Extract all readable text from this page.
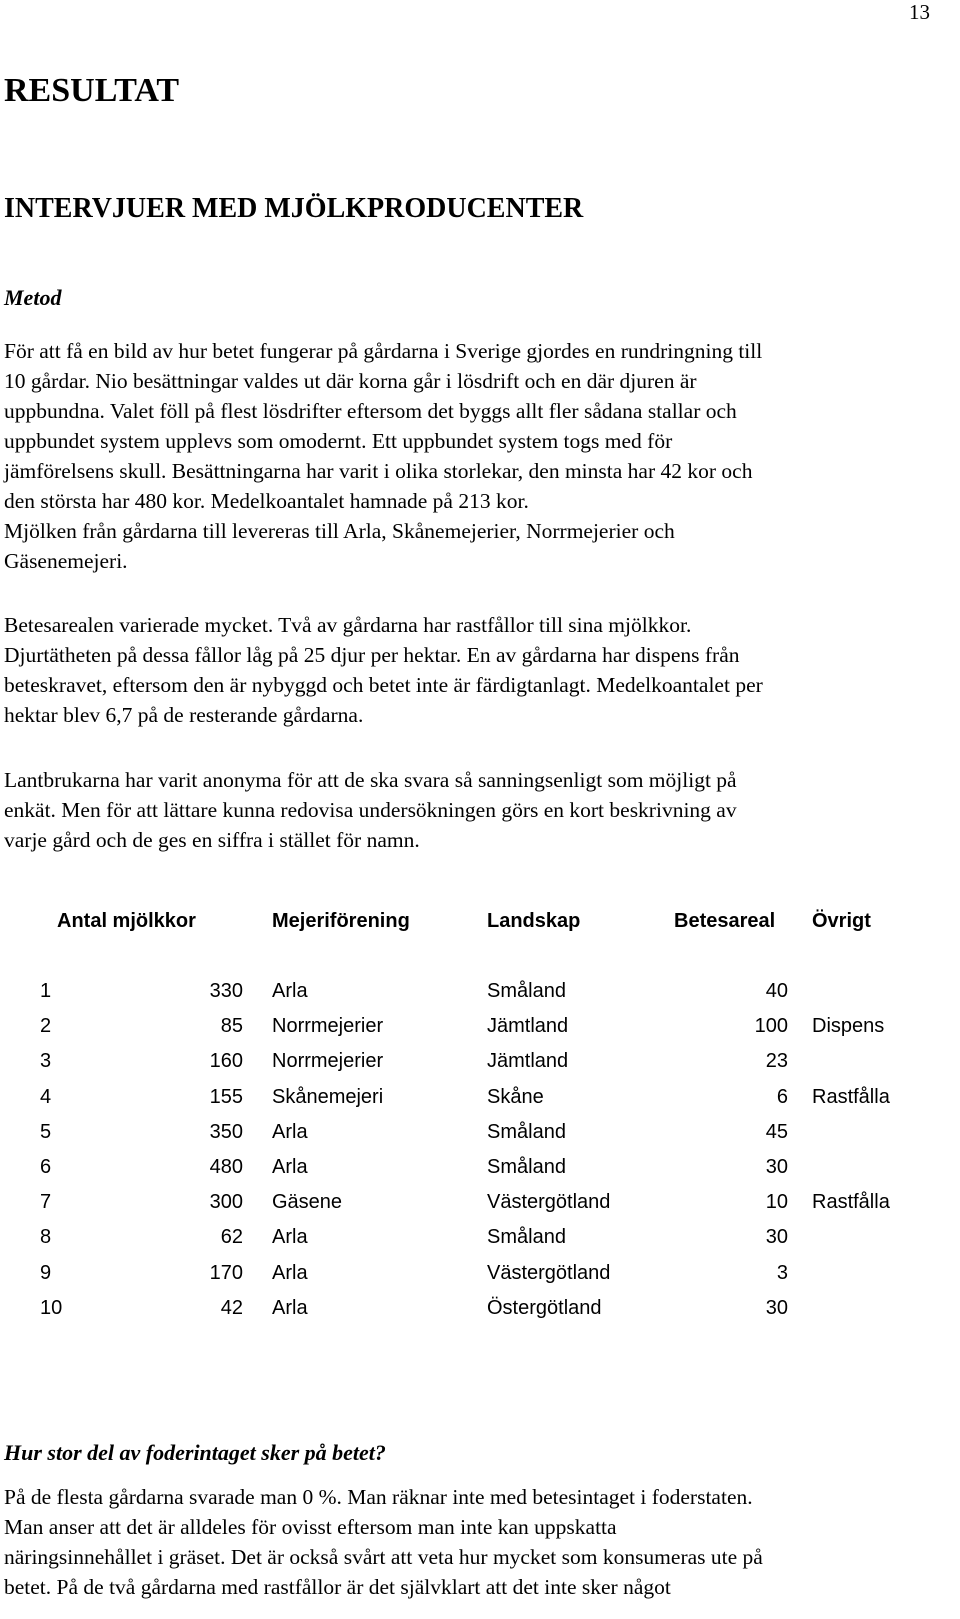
13
RESULTAT
INTERVJUER MED MJÖLKPRODUCENTER
Metod
För att få en bild av hur betet fungerar på gårdarna i Sverige gjordes en rundringning till
10 gårdar. Nio besättningar valdes ut där korna går i lösdrift och en där djuren är
uppbundna. Valet föll på flest lösdrifter eftersom det byggs allt fler sådana stallar och
uppbundet system upplevs som omodernt. Ett uppbundet system togs med för
jämförelsens skull. Besättningarna har varit i olika storlekar, den minsta har 42 kor och
den största har 480 kor. Medelkoantalet hamnade på 213 kor.
Mjölken från gårdarna till levereras till Arla, Skånemejerier, Norrmejerier och
Gäsenemejeri.
Betesarealen varierade mycket. Två av gårdarna har rastfållor till sina mjölkkor.
Djurtätheten på dessa fållor låg på 25 djur per hektar. En av gårdarna har dispens från
beteskravet, eftersom den är nybyggd och betet inte är färdigtanlagt. Medelkoantalet per
hektar blev 6,7 på de resterande gårdarna.
Lantbrukarna har varit anonyma för att de ska svara så sanningsenligt som möjligt på
enkät. Men för att lättare kunna redovisa undersökningen görs en kort beskrivning av
varje gård och de ges en siffra i stället för namn.
Antal mjölkkor	Mejeriförening	Landskap	Betesareal Övrigt
1	330 Arla	Småland	40
2	85 Norrmejerier	Jämtland	100 Dispens
3	160 Norrmejerier	Jämtland	23
4	155 Skånemejeri	Skåne	6 Rastfålla
5	350 Arla	Småland	45
6	480 Arla	Småland	30
7	300 Gäsene	Västergötland	10 Rastfålla
8	62 Arla	Småland	30
9	170 Arla	Västergötland	3
10	42 Arla	Östergötland	30
Hur stor del av foderintaget sker på betet?
På de flesta gårdarna svarade man 0 %. Man räknar inte med betesintaget i foderstaten.
Man anser att det är alldeles för ovisst eftersom man inte kan uppskatta
näringsinnehållet i gräset. Det är också svårt att veta hur mycket som konsumeras ute på
betet. På de två gårdarna med rastfållor är det självklart att det inte sker något
